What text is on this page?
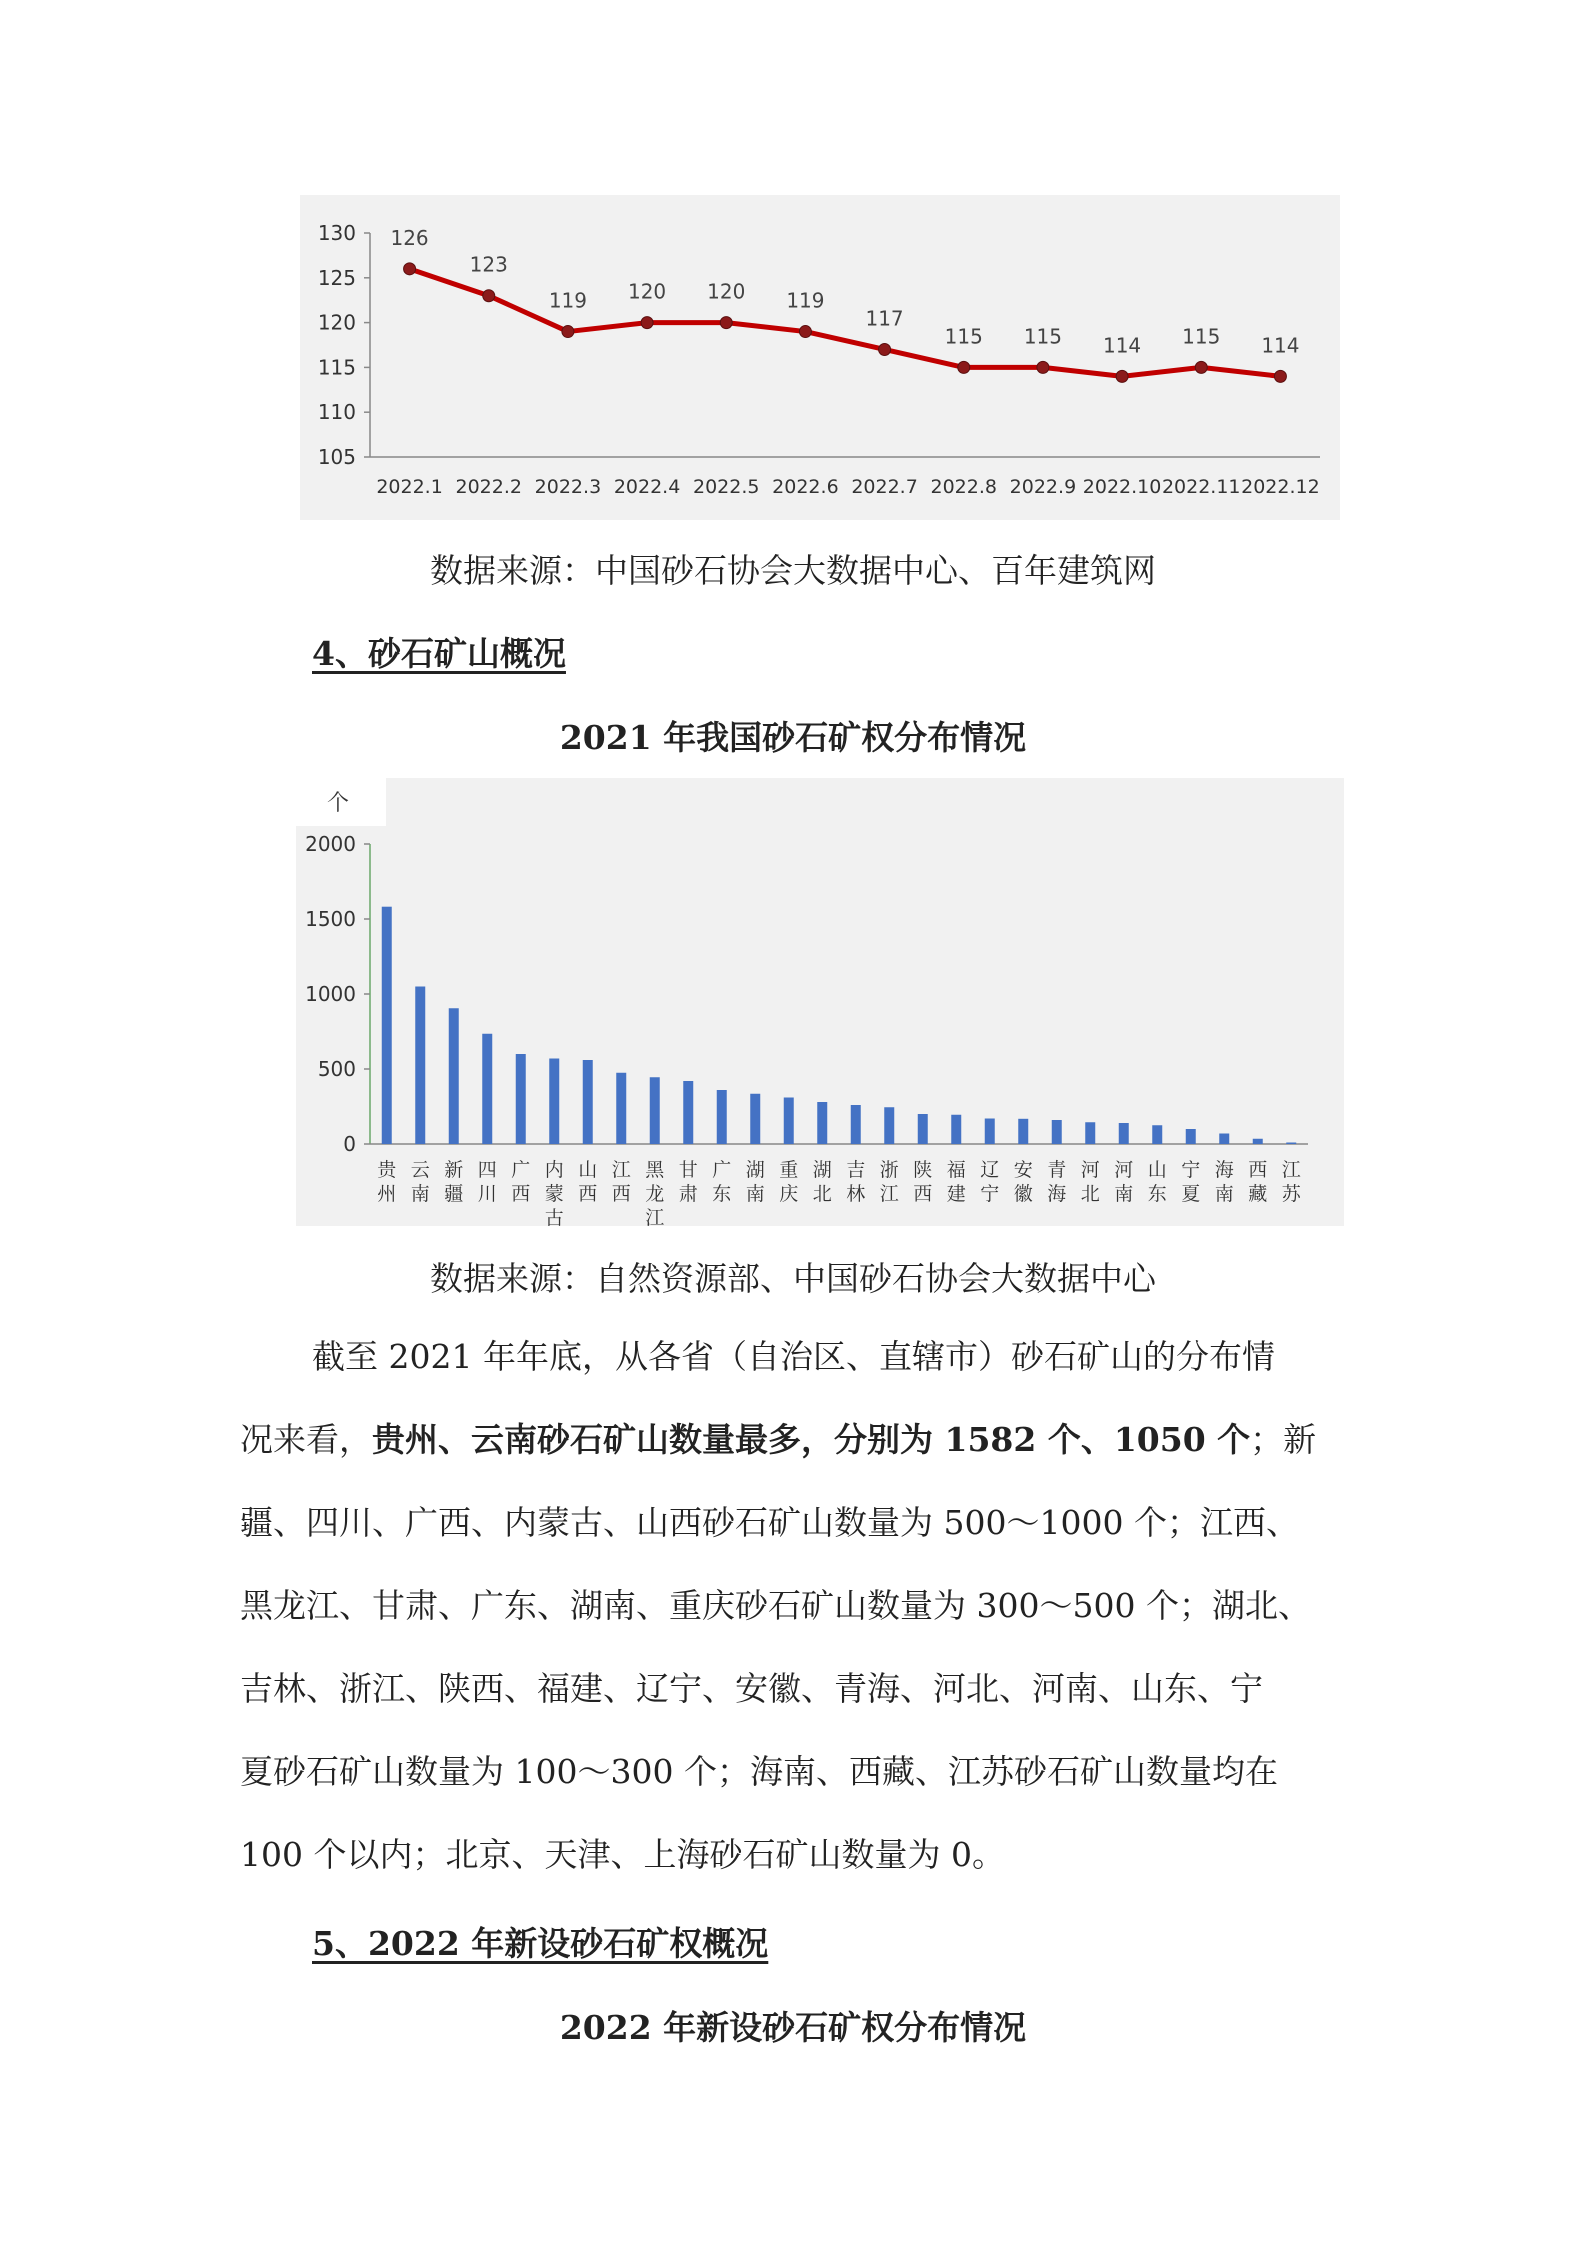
105
110
115
120
125
130
2022.1 2022.2 2022.3 2022.4 2022.5 2022.6 2022.7 2022.8 2022.9 2022.10 2022.11 2022.12
126
123
119 120 120 119
117
115 115 114 115 114
数据来源：中国砂石协会大数据中心、百年建筑网
4、砂石矿山概况
2021 年我国砂石矿权分布情况
个
0
500
1000
1500
2000
贵
州
云
南
新
疆
四
川
广
西
内
蒙
古
山
西
江
西
黑
龙
江
甘
肃
广
东
湖
南
重
庆
湖
北
吉
林
浙
江
陕
西
福
建
辽
宁
安
徽
青
海
河
北
河
南
山
东
宁
夏
海
南
西
藏
江
苏
数据来源：自然资源部、中国砂石协会大数据中心
截至 2021 年年底，从各省（自治区、直辖市）砂石矿山的分布情
况来看，贵州、云南砂石矿山数量最多，分别为 1582 个、1050 个；新
疆、四川、广西、内蒙古、山西砂石矿山数量为 500～1000 个；江西、
黑龙江、甘肃、广东、湖南、重庆砂石矿山数量为 300～500 个；湖北、
吉林、浙江、陕西、福建、辽宁、安徽、青海、河北、河南、山东、宁
夏砂石矿山数量为 100～300 个；海南、西藏、江苏砂石矿山数量均在
100 个以内；北京、天津、上海砂石矿山数量为 0。
5、2022 年新设砂石矿权概况
2022 年新设砂石矿权分布情况
